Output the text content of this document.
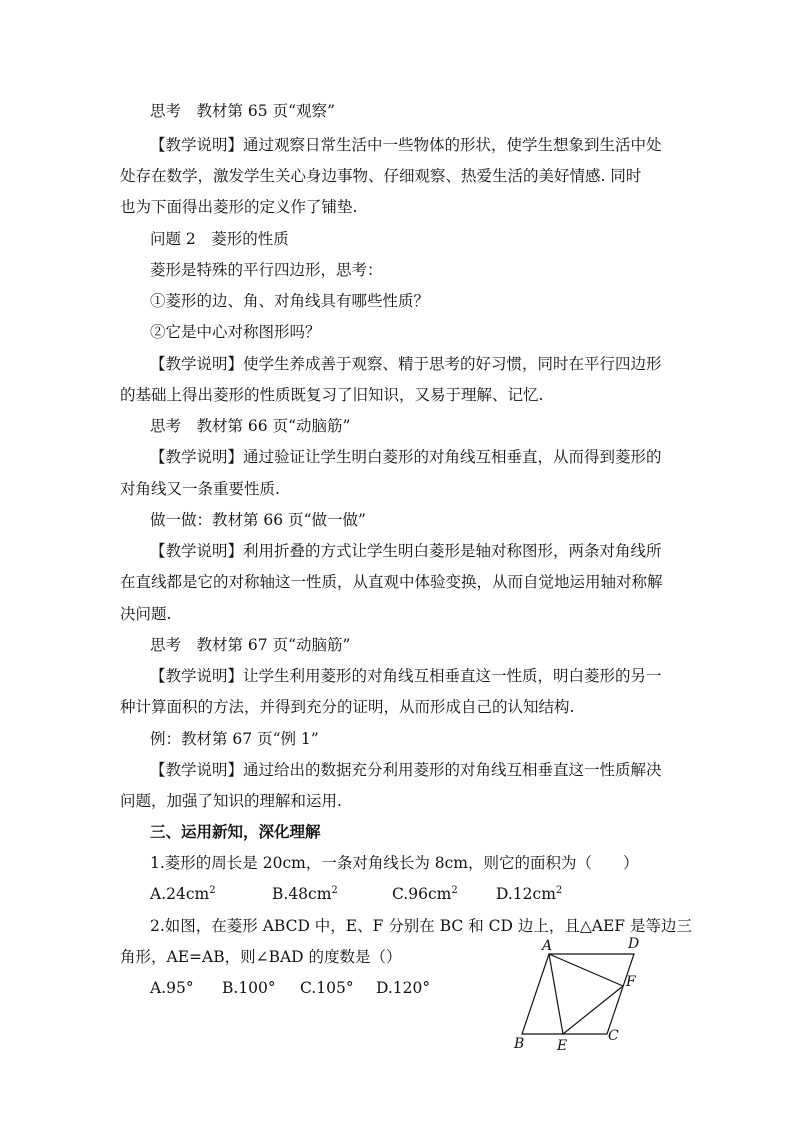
思考　教材第 65 页“观察”
【教学说明】通过观察日常生活中一些物体的形状，使学生想象到生活中处
处存在数学，激发学生关心身边事物、仔细观察、热爱生活的美好情感. 同时
也为下面得出菱形的定义作了铺垫.
问题 2　菱形的性质
菱形是特殊的平行四边形，思考：
①菱形的边、角、对角线具有哪些性质？
②它是中心对称图形吗？
【教学说明】使学生养成善于观察、精于思考的好习惯，同时在平行四边形
的基础上得出菱形的性质既复习了旧知识，又易于理解、记忆.
思考　教材第 66 页“动脑筋”
【教学说明】通过验证让学生明白菱形的对角线互相垂直，从而得到菱形的
对角线又一条重要性质.
做一做：教材第 66 页“做一做”
【教学说明】利用折叠的方式让学生明白菱形是轴对称图形，两条对角线所
在直线都是它的对称轴这一性质，从直观中体验变换，从而自觉地运用轴对称解
决问题.
思考　教材第 67 页“动脑筋”
【教学说明】让学生利用菱形的对角线互相垂直这一性质，明白菱形的另一
种计算面积的方法，并得到充分的证明，从而形成自己的认知结构.
例：教材第 67 页“例 1”
【教学说明】通过给出的数据充分利用菱形的对角线互相垂直这一性质解决
问题，加强了知识的理解和运用.
三、运用新知，深化理解
1.菱形的周长是 20cm，一条对角线长为 8cm，则它的面积为（　　）
$A.24cm^2$	$B.48cm^2$	$C.96cm^2$ $D.12cm^2$
2.如图，在菱形 ABCD 中，E、F 分别在 BC 和 CD 边上，且△AEF 是等边三
角形，AE=AB，则∠BAD 的度数是（）
A.95° B.100° C.105° D.120°
A	D
F
C
B E
